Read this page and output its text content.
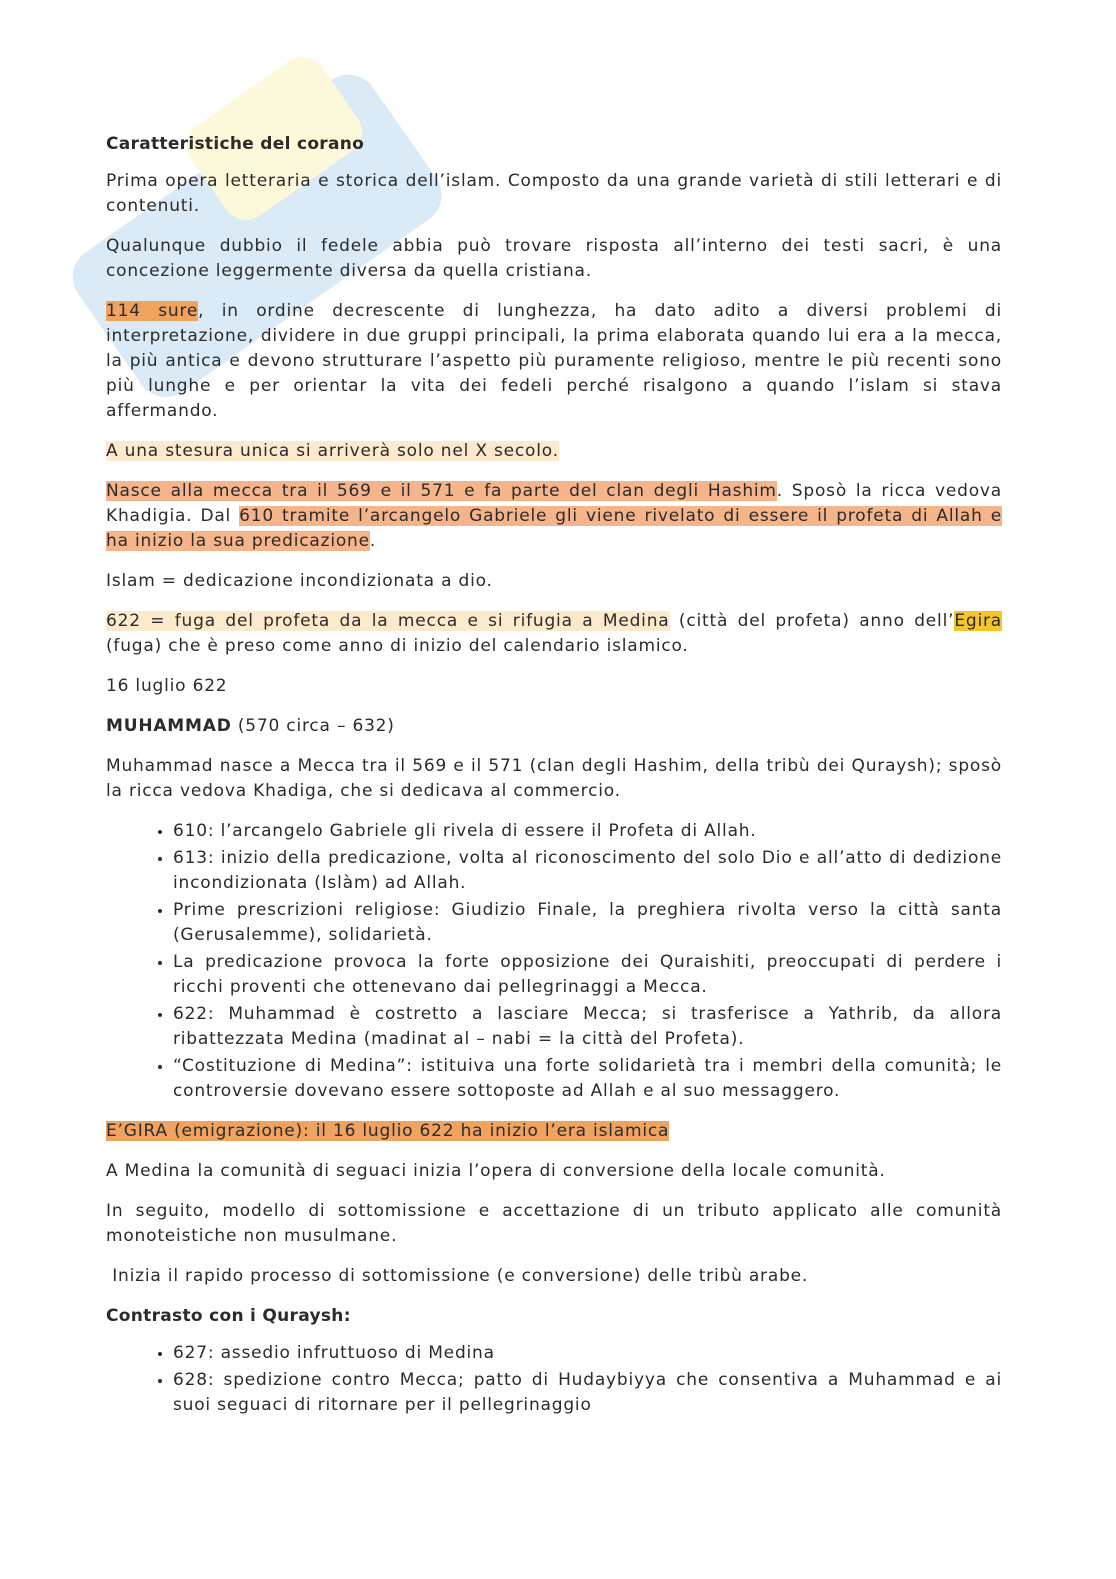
Caratteristiche del corano

Prima opera letteraria e storica dell’islam. Composto da una grande varietà di stili letterari e di contenuti.

Qualunque dubbio il fedele abbia può trovare risposta all’interno dei testi sacri, è una concezione leggermente diversa da quella cristiana.

114 sure, in ordine decrescente di lunghezza, ha dato adito a diversi problemi di interpretazione, dividere in due gruppi principali, la prima elaborata quando lui era a la mecca, la più antica e devono strutturare l’aspetto più puramente religioso, mentre le più recenti sono più lunghe e per orientar la vita dei fedeli perché risalgono a quando l’islam si stava affermando.

A una stesura unica si arriverà solo nel X secolo.

Nasce alla mecca tra il 569 e il 571 e fa parte del clan degli Hashim. Sposò la ricca vedova Khadigia. Dal 610 tramite l’arcangelo Gabriele gli viene rivelato di essere il profeta di Allah e ha inizio la sua predicazione.

Islam = dedicazione incondizionata a dio.

622 = fuga del profeta da la mecca e si rifugia a Medina (città del profeta) anno dell’Egira (fuga) che è preso come anno di inizio del calendario islamico.

16 luglio 622

MUHAMMAD (570 circa – 632)

Muhammad nasce a Mecca tra il 569 e il 571 (clan degli Hashim, della tribù dei Quraysh); sposò la ricca vedova Khadiga, che si dedicava al commercio.

• 610: l’arcangelo Gabriele gli rivela di essere il Profeta di Allah.
• 613: inizio della predicazione, volta al riconoscimento del solo Dio e all’atto di dedizione incondizionata (Islàm) ad Allah.
• Prime prescrizioni religiose: Giudizio Finale, la preghiera rivolta verso la città santa (Gerusalemme), solidarietà.
• La predicazione provoca la forte opposizione dei Quraishiti, preoccupati di perdere i ricchi proventi che ottenevano dai pellegrinaggi a Mecca.
• 622: Muhammad è costretto a lasciare Mecca; si trasferisce a Yathrib, da allora ribattezzata Medina (madinat al – nabi = la città del Profeta).
• “Costituzione di Medina”: istituiva una forte solidarietà tra i membri della comunità; le controversie dovevano essere sottoposte ad Allah e al suo messaggero.

E’GIRA (emigrazione): il 16 luglio 622 ha inizio l’era islamica

A Medina la comunità di seguaci inizia l’opera di conversione della locale comunità.

In seguito, modello di sottomissione e accettazione di un tributo applicato alle comunità monoteistiche non musulmane.

Inizia il rapido processo di sottomissione (e conversione) delle tribù arabe.

Contrasto con i Quraysh:

• 627: assedio infruttuoso di Medina
• 628: spedizione contro Mecca; patto di Hudaybiyya che consentiva a Muhammad e ai suoi seguaci di ritornare per il pellegrinaggio
